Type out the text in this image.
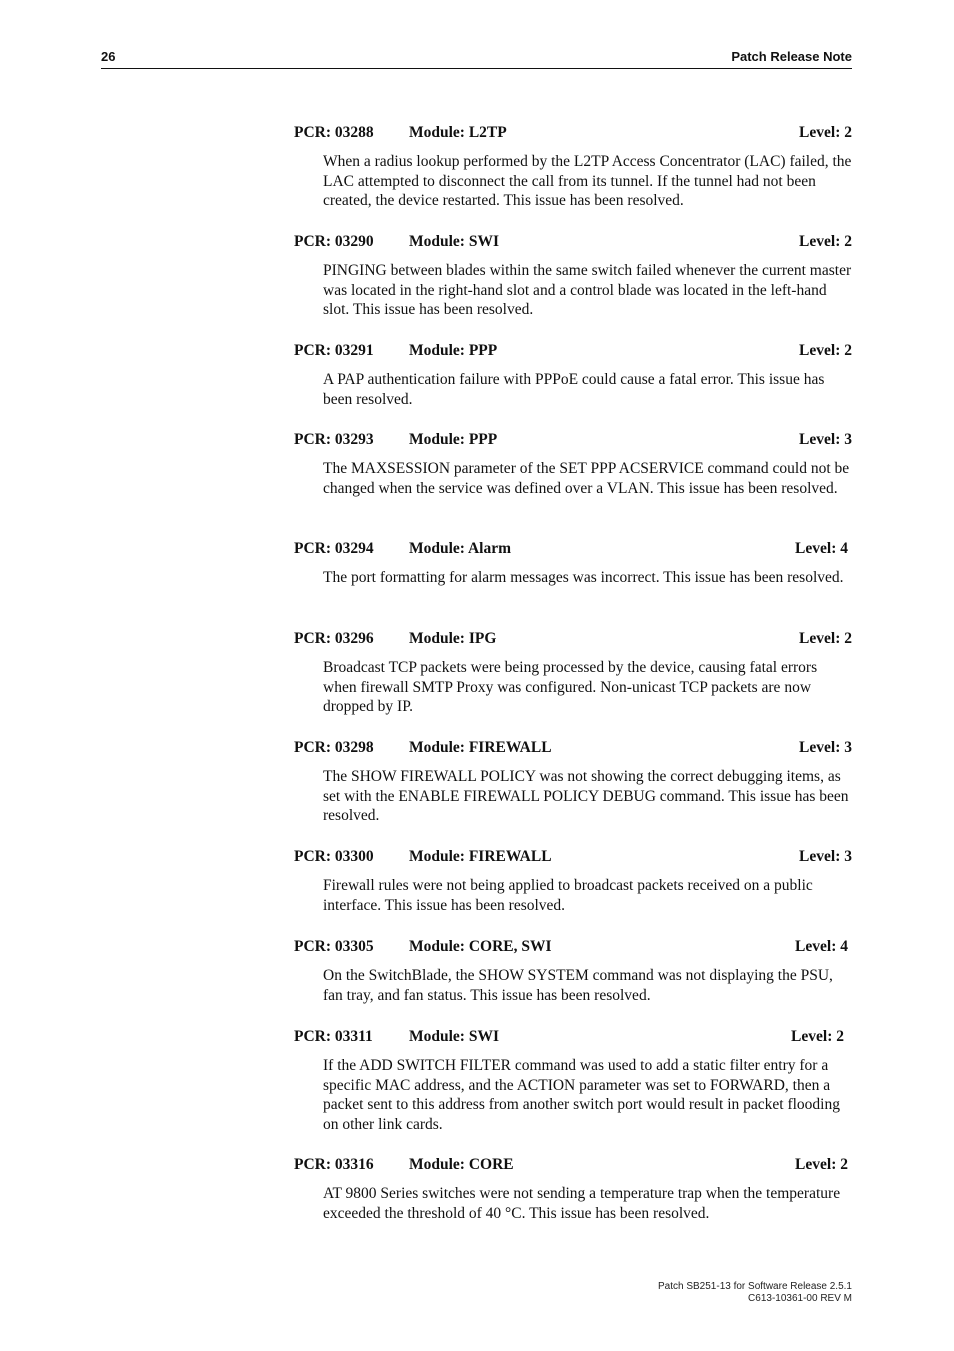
26	Patch Release Note
PCR: 03288 Module: L2TP	Level: 2
When a radius lookup performed by the L2TP Access Concentrator (LAC) failed, the LAC attempted to disconnect the call from its tunnel. If the tunnel had not been created, the device restarted. This issue has been resolved.
PCR: 03290 Module: SWI	Level: 2
PINGING between blades within the same switch failed whenever the current master was located in the right-hand slot and a control blade was located in the left-hand slot. This issue has been resolved.
PCR: 03291 Module: PPP	Level: 2
A PAP authentication failure with PPPoE could cause a fatal error. This issue has been resolved.
PCR: 03293 Module: PPP	Level: 3
The MAXSESSION parameter of the SET PPP ACSERVICE command could not be changed when the service was defined over a VLAN. This issue has been resolved.
PCR: 03294 Module: Alarm	Level: 4
The port formatting for alarm messages was incorrect. This issue has been resolved.
PCR: 03296 Module: IPG	Level: 2
Broadcast TCP packets were being processed by the device, causing fatal errors when firewall SMTP Proxy was configured. Non-unicast TCP packets are now dropped by IP.
PCR: 03298 Module: FIREWALL	Level: 3
The SHOW FIREWALL POLICY was not showing the correct debugging items, as set with the ENABLE FIREWALL POLICY DEBUG command. This issue has been resolved.
PCR: 03300 Module: FIREWALL	Level: 3
Firewall rules were not being applied to broadcast packets received on a public interface. This issue has been resolved.
PCR: 03305 Module: CORE, SWI	Level: 4
On the SwitchBlade, the SHOW SYSTEM command was not displaying the PSU, fan tray, and fan status. This issue has been resolved.
PCR: 03311 Module: SWI	Level: 2
If the ADD SWITCH FILTER command was used to add a static filter entry for a specific MAC address, and the ACTION parameter was set to FORWARD, then a packet sent to this address from another switch port would result in packet flooding on other link cards.
PCR: 03316 Module: CORE	Level: 2
AT 9800 Series switches were not sending a temperature trap when the temperature exceeded the threshold of 40 °C. This issue has been resolved.
Patch SB251-13 for Software Release 2.5.1
C613-10361-00 REV M
